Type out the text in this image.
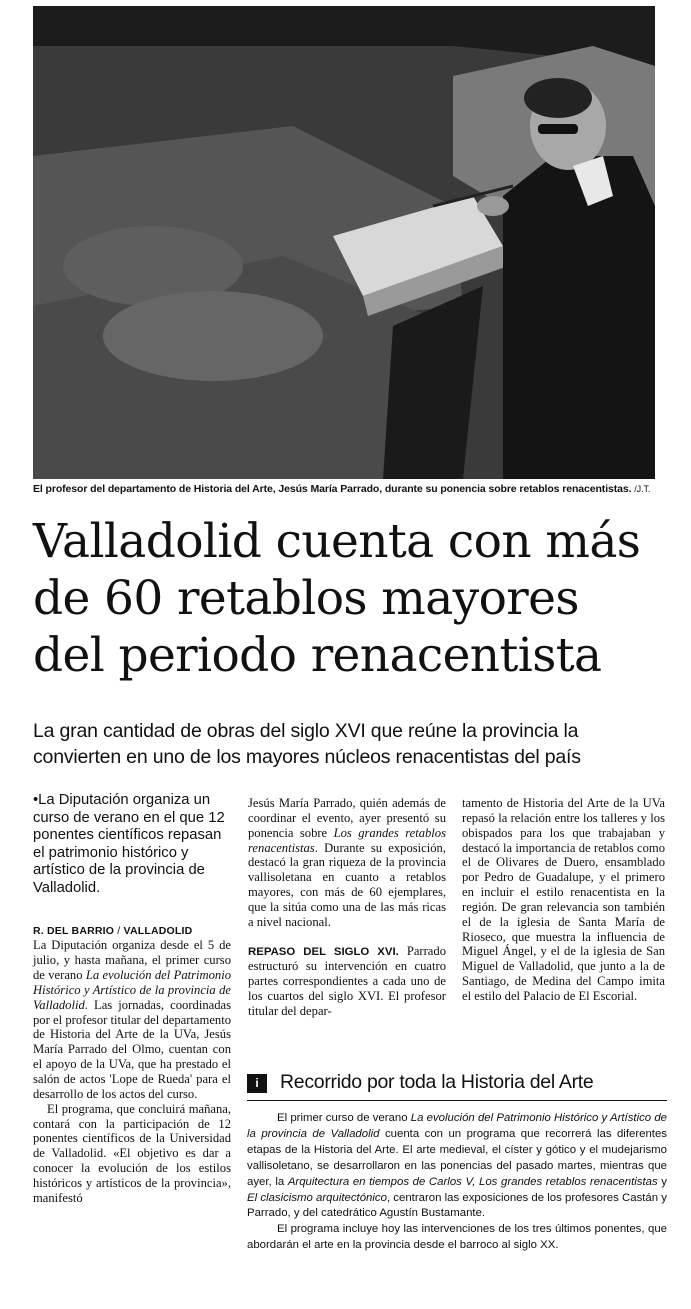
El profesor del departamento de Historia del Arte, Jesús María Parrado, durante su ponencia sobre retablos renacentistas. /J.T.
Valladolid cuenta con más
de 60 retablos mayores
del periodo renacentista
La gran cantidad de obras del siglo XVI que reúne la provincia la
convierten en uno de los mayores núcleos renacentistas del país

•La Diputación organiza un curso de verano en el que 12 ponentes científicos repasan el patrimonio histórico y artístico de la provincia de Valladolid.

R. DEL BARRIO / VALLADOLID

La Diputación organiza desde el 5 de julio, y hasta mañana, el primer curso de verano La evolución del Patrimonio Histórico y Artístico de la provincia de Valladolid. Las jornadas, coordinadas por el profesor titular del departamento de Historia del Arte de la UVa, Jesús María Parrado del Olmo, cuentan con el apoyo de la UVa, que ha prestado el salón de actos 'Lope de Rueda' para el desarrollo de los actos del curso.

El programa, que concluirá mañana, contará con la participación de 12 ponentes científicos de la Universidad de Valladolid. «El objetivo es dar a conocer la evolución de los estilos históricos y artísticos de la provincia», manifestó

Jesús María Parrado, quién además de coordinar el evento, ayer presentó su ponencia sobre Los grandes retablos renacentistas. Durante su exposición, destacó la gran riqueza de la provincia vallisoletana en cuanto a retablos mayores, con más de 60 ejemplares, que la sitúa como una de las más ricas a nivel nacional.

REPASO DEL SIGLO XVI. Parrado estructuró su intervención en cuatro partes correspondientes a cada uno de los cuartos del siglo XVI. El profesor titular del depar-

tamento de Historia del Arte de la UVa repasó la relación entre los talleres y los obispados para los que trabajaban y destacó la importancia de retablos como el de Olivares de Duero, ensamblado por Pedro de Guadalupe, y el primero en incluir el estilo renacentista en la región. De gran relevancia son también el de la iglesia de Santa María de Rioseco, que muestra la influencia de Miguel Ángel, y el de la iglesia de San Miguel de Valladolid, que junto a la de Santiago, de Medina del Campo imita el estilo del Palacio de El Escorial.

i	Recorrido por toda la Historia del Arte

El primer curso de verano La evolución del Patrimonio Histórico y Artístico de la provincia de Valladolid cuenta con un programa que recorrerá las diferentes etapas de la Historia del Arte. El arte medieval, el císter y gótico y el mudejarismo vallisoletano, se desarrollaron en las ponencias del pasado martes, mientras que ayer, la Arquitectura en tiempos de Carlos V, Los grandes retablos renacentistas y El clasicismo arquitectónico, centraron las exposiciones de los profesores Castán y Parrado, y del catedrático Agustín Bustamante.

El programa incluye hoy las intervenciones de los tres últimos ponentes, que abordarán el arte en la provincia desde el barroco al siglo XX.
